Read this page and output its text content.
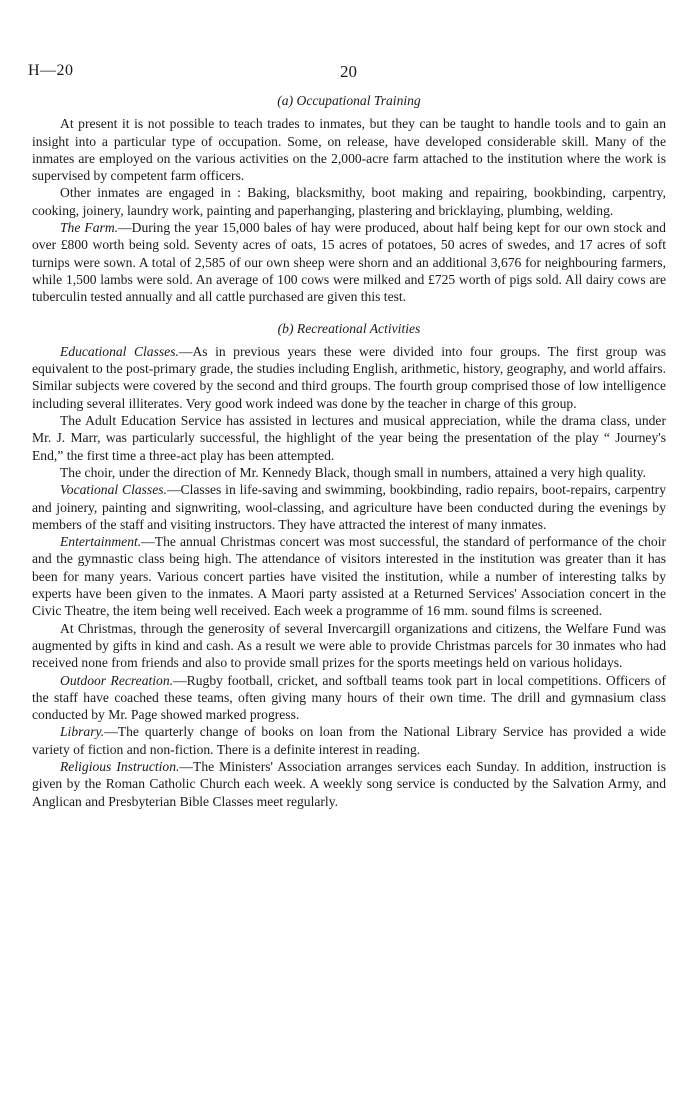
H—20	20
(a) Occupational Training

At present it is not possible to teach trades to inmates, but they can be taught to handle tools and to gain an insight into a particular type of occupation. Some, on release, have developed considerable skill. Many of the inmates are employed on the various activities on the 2,000-acre farm attached to the institution where the work is supervised by competent farm officers.

Other inmates are engaged in : Baking, blacksmithy, boot making and repairing, bookbinding, carpentry, cooking, joinery, laundry work, painting and paperhanging, plastering and bricklaying, plumbing, welding.

The Farm.—During the year 15,000 bales of hay were produced, about half being kept for our own stock and over £800 worth being sold. Seventy acres of oats, 15 acres of potatoes, 50 acres of swedes, and 17 acres of soft turnips were sown. A total of 2,585 of our own sheep were shorn and an additional 3,676 for neighbouring farmers, while 1,500 lambs were sold. An average of 100 cows were milked and £725 worth of pigs sold. All dairy cows are tuberculin tested annually and all cattle purchased are given this test.

(b) Recreational Activities

Educational Classes.—As in previous years these were divided into four groups. The first group was equivalent to the post-primary grade, the studies including English, arithmetic, history, geography, and world affairs. Similar subjects were covered by the second and third groups. The fourth group comprised those of low intelligence including several illiterates. Very good work indeed was done by the teacher in charge of this group.

The Adult Education Service has assisted in lectures and musical appreciation, while the drama class, under Mr. J. Marr, was particularly successful, the highlight of the year being the presentation of the play “ Journey's End,” the first time a three-act play has been attempted.

The choir, under the direction of Mr. Kennedy Black, though small in numbers, attained a very high quality.

Vocational Classes.—Classes in life-saving and swimming, bookbinding, radio repairs, boot-repairs, carpentry and joinery, painting and signwriting, wool-classing, and agriculture have been conducted during the evenings by members of the staff and visiting instructors. They have attracted the interest of many inmates.

Entertainment.—The annual Christmas concert was most successful, the standard of performance of the choir and the gymnastic class being high. The attendance of visitors interested in the institution was greater than it has been for many years. Various concert parties have visited the institution, while a number of interesting talks by experts have been given to the inmates. A Maori party assisted at a Returned Services' Association concert in the Civic Theatre, the item being well received. Each week a programme of 16 mm. sound films is screened.

At Christmas, through the generosity of several Invercargill organizations and citizens, the Welfare Fund was augmented by gifts in kind and cash. As a result we were able to provide Christmas parcels for 30 inmates who had received none from friends and also to provide small prizes for the sports meetings held on various holidays.

Outdoor Recreation.—Rugby football, cricket, and softball teams took part in local competitions. Officers of the staff have coached these teams, often giving many hours of their own time. The drill and gymnasium class conducted by Mr. Page showed marked progress.

Library.—The quarterly change of books on loan from the National Library Service has provided a wide variety of fiction and non-fiction. There is a definite interest in reading.

Religious Instruction.—The Ministers' Association arranges services each Sunday. In addition, instruction is given by the Roman Catholic Church each week. A weekly song service is conducted by the Salvation Army, and Anglican and Presbyterian Bible Classes meet regularly.
